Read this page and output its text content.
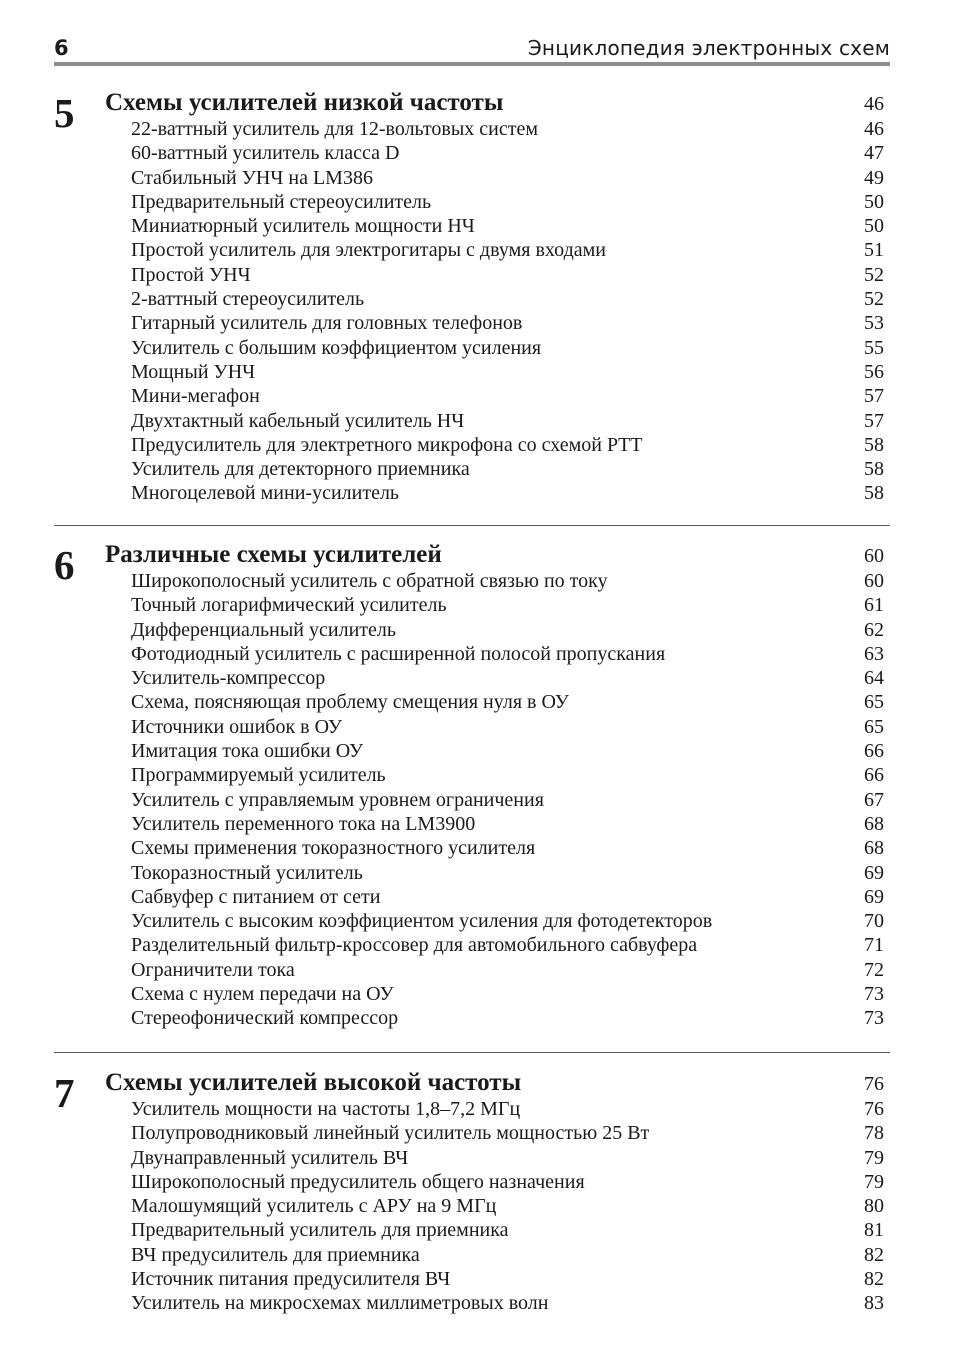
6	Энциклопедия электронных схем
5 Схемы усилителей низкой частоты	46
22-ваттный усилитель для 12-вольтовых систем	46
60-ваттный усилитель класса D	47
Стабильный УНЧ на LM386	49
Предварительный стереоусилитель	50
Миниатюрный усилитель мощности НЧ	50
Простой усилитель для электрогитары с двумя входами	51
Простой УНЧ	52
2-ваттный стереоусилитель	52
Гитарный усилитель для головных телефонов	53
Усилитель с большим коэффициентом усиления	55
Мощный УНЧ	56
Мини-мегафон	57
Двухтактный кабельный усилитель НЧ	57
Предусилитель для электретного микрофона со схемой PTT	58
Усилитель для детекторного приемника	58
Многоцелевой мини-усилитель	58
6 Различные схемы усилителей	60
Широкополосный усилитель с обратной связью по току	60
Точный логарифмический усилитель	61
Дифференциальный усилитель	62
Фотодиодный усилитель с расширенной полосой пропускания	63
Усилитель-компрессор	64
Схема, поясняющая проблему смещения нуля в ОУ	65
Источники ошибок в ОУ	65
Имитация тока ошибки ОУ	66
Программируемый усилитель	66
Усилитель с управляемым уровнем ограничения	67
Усилитель переменного тока на LM3900	68
Схемы применения токоразностного усилителя	68
Токоразностный усилитель	69
Сабвуфер с питанием от сети	69
Усилитель с высоким коэффициентом усиления для фотодетекторов	70
Разделительный фильтр-кроссовер для автомобильного сабвуфера	71
Ограничители тока	72
Схема с нулем передачи на ОУ	73
Стереофонический компрессор	73
7 Схемы усилителей высокой частоты	76
Усилитель мощности на частоты 1,8–7,2 МГц	76
Полупроводниковый линейный усилитель мощностью 25 Вт	78
Двунаправленный усилитель ВЧ	79
Широкополосный предусилитель общего назначения	79
Малошумящий усилитель с АРУ на 9 МГц	80
Предварительный усилитель для приемника	81
ВЧ предусилитель для приемника	82
Источник питания предусилителя ВЧ	82
Усилитель на микросхемах миллиметровых волн	83
